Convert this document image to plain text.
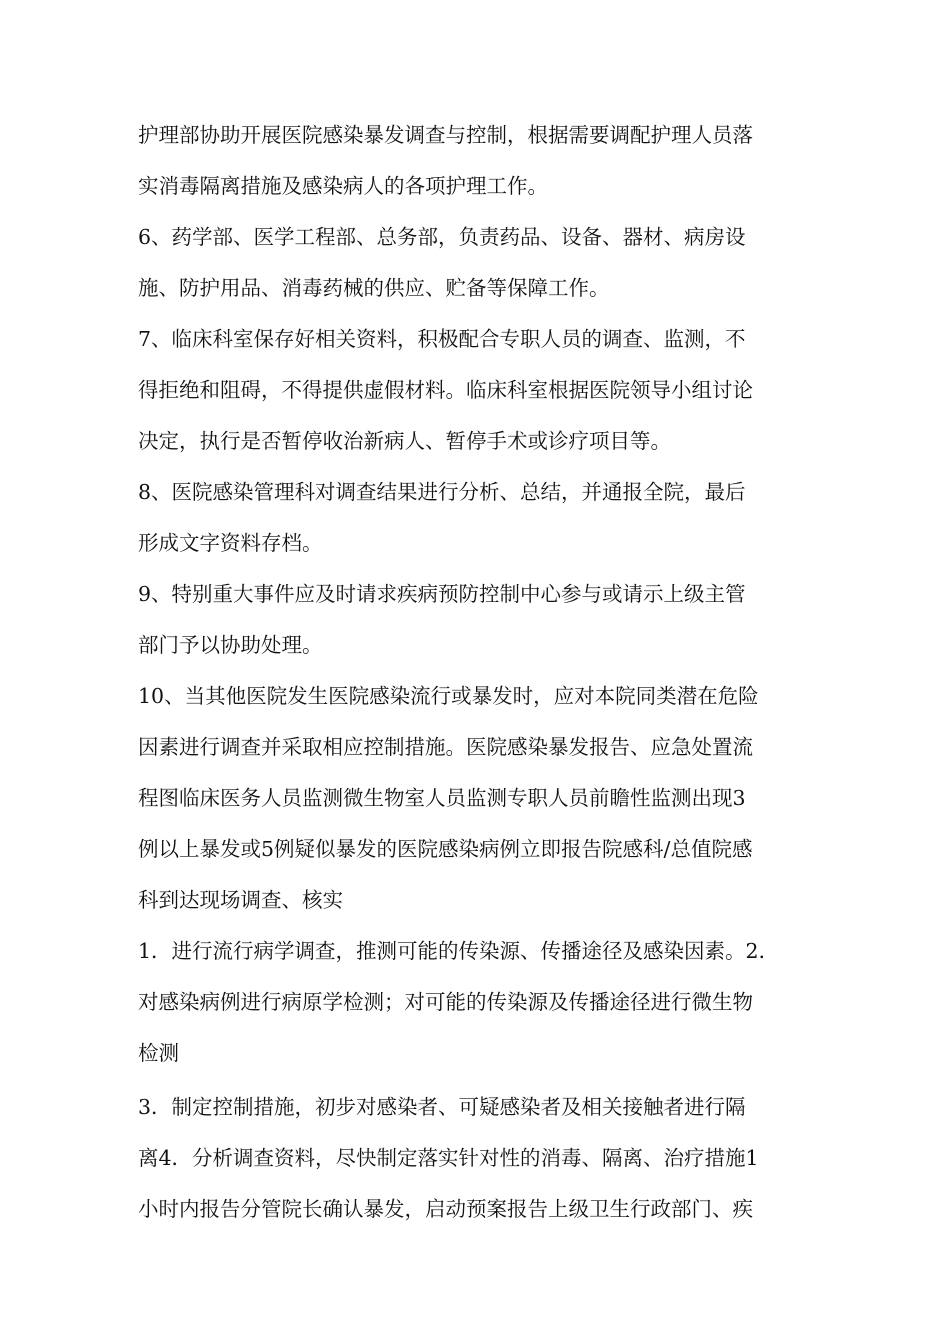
护理部协助开展医院感染暴发调查与控制，根据需要调配护理人员落
实消毒隔离措施及感染病人的各项护理工作。
6、药学部、医学工程部、总务部，负责药品、设备、器材、病房设
施、防护用品、消毒药械的供应、贮备等保障工作。
7、临床科室保存好相关资料，积极配合专职人员的调查、监测，不
得拒绝和阻碍，不得提供虚假材料。临床科室根据医院领导小组讨论
决定，执行是否暂停收治新病人、暂停手术或诊疗项目等。
8、医院感染管理科对调查结果进行分析、总结，并通报全院，最后
形成文字资料存档。
9、特别重大事件应及时请求疾病预防控制中心参与或请示上级主管
部门予以协助处理。
10、当其他医院发生医院感染流行或暴发时，应对本院同类潜在危险
因素进行调查并采取相应控制措施。医院感染暴发报告、应急处置流
程图临床医务人员监测微生物室人员监测专职人员前瞻性监测出现3
例以上暴发或5例疑似暴发的医院感染病例立即报告院感科/总值院感
科到达现场调查、核实
1．进行流行病学调查，推测可能的传染源、传播途径及感染因素。2．
对感染病例进行病原学检测；对可能的传染源及传播途径进行微生物
检测
3．制定控制措施，初步对感染者、可疑感染者及相关接触者进行隔
离4．分析调查资料，尽快制定落实针对性的消毒、隔离、治疗措施1
小时内报告分管院长确认暴发，启动预案报告上级卫生行政部门、疾
